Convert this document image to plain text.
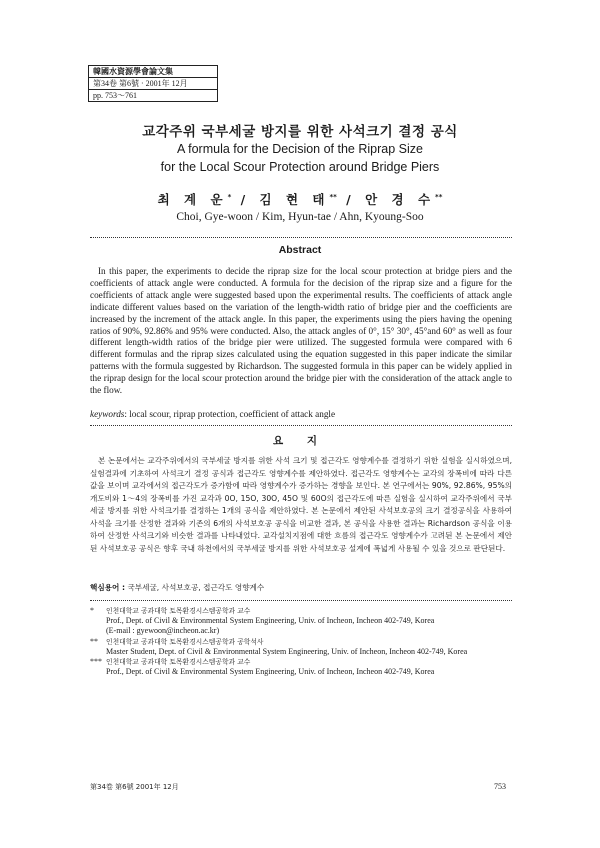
韓國水資源學會論文集
第34卷 第6號 · 2001年 12月
pp. 753～761
교각주위 국부세굴 방지를 위한 사석크기 결정 공식
A formula for the Decision of the Riprap Size
for the Local Scour Protection around Bridge Piers
최 계 운* / 김 현 태** / 안 경 수**
Choi, Gye-woon / Kim, Hyun-tae / Ahn, Kyoung-Soo
Abstract

In this paper, the experiments to decide the riprap size for the local scour protection at bridge piers and the coefficients of attack angle were conducted. A formula for the decision of the riprap size and a figure for the coefficients of attack angle were suggested based upon the experimental results. The coefficients of attack angle indicate different values based on the variation of the length-width ratio of bridge pier and the coefficients are increased by the increment of the attack angle. In this paper, the experiments using the piers having the opening ratios of 90%, 92.86% and 95% were conducted. Also, the attack angles of 0°, 15° 30°, 45°and 60° as well as four different length-width ratios of the bridge pier were utilized. The suggested formula were compared with 6 different formulas and the riprap sizes calculated using the equation suggested in this paper indicate the similar patterns with the formula suggested by Richardson. The suggested formula in this paper can be widely applied in the riprap design for the local scour protection around the bridge pier with the consideration of the attack angle to the flow.

keywords: local scour, riprap protection, coefficient of attack angle
요 지

본 논문에서는 교각주위에서의 국부세굴 방지를 위한 사석 크기 및 접근각도 영향계수를 결정하기 위한 실험을 실시하였으며, 실험결과에 기초하여 사석크기 결정 공식과 접근각도 영향계수를 제안하였다. 접근각도 영향계수는 교각의 장폭비에 따라 다른 값을 보이며 교각에서의 접근각도가 증가함에 따라 영향계수가 증가하는 경향을 보인다. 본 연구에서는 90%, 92.86%, 95%의 개도비와 1～4의 장폭비를 가진 교각과 0O, 15O, 30O, 45O 및 60O의 접근각도에 따른 실험을 실시하여 교각주위에서 국부 세굴 방지를 위한 사석크기를 결정하는 1개의 공식을 제안하였다. 본 논문에서 제안된 사석보호공의 크기 결정공식을 사용하여 사석을 크기를 산정한 결과와 기존의 6개의 사석보호공 공식을 비교한 결과, 본 공식을 사용한 결과는 Richardson 공식을 이용하여 산정한 사석크기와 비슷한 결과를 나타내었다. 교각설치지점에 대한 흐름의 접근각도 영향계수가 고려된 본 논문에서 제안된 사석보호공 공식은 향후 국내 하천에서의 국부세굴 방지를 위한 사석보호공 설계에 폭넓게 사용될 수 있을 것으로 판단된다.

핵심용어 : 국부세굴, 사석보호공, 접근각도 영향계수
* 인천대학교 공과대학 토목환경시스템공학과 교수
Prof., Dept. of Civil & Environmental System Engineering, Univ. of Incheon, Incheon 402-749, Korea
(E-mail : gyewoon@incheon.ac.kr)
** 인천대학교 공과대학 토목환경시스템공학과 공학석사
Master Student, Dept. of Civil & Environmental System Engineering, Univ. of Incheon, Incheon 402-749, Korea
*** 인천대학교 공과대학 토목환경시스템공학과 교수
Prof., Dept. of Civil & Environmental System Engineering, Univ. of Incheon, Incheon 402-749, Korea
第34卷 第6號 2001年 12月	753
